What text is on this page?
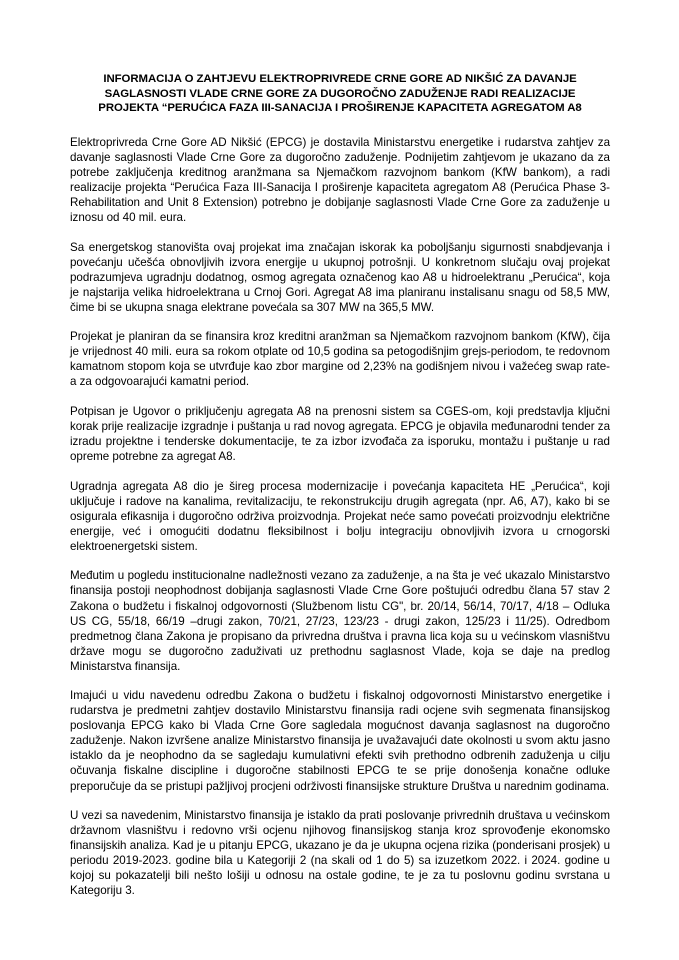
INFORMACIJA O ZAHTJEVU ELEKTROPRIVREDE CRNE GORE AD NIKŠIĆ ZA DAVANJE SAGLASNOSTI VLADE CRNE GORE ZA DUGOROČNO ZADUŽENJE RADI REALIZACIJE PROJEKTA “PERUĆICA FAZA III-SANACIJA I PROŠIRENJE KAPACITETA AGREGATOM A8

Elektroprivreda Crne Gore AD Nikšić (EPCG) je dostavila Ministarstvu energetike i rudarstva zahtjev za davanje saglasnosti Vlade Crne Gore za dugoročno zaduženje. Podnijetim zahtjevom je ukazano da za potrebe zaključenja kreditnog aranžmana sa Njemačkom razvojnom bankom (KfW bankom), a radi realizacije projekta “Perućica Faza III-Sanacija I proširenje kapaciteta agregatom A8 (Perućica Phase 3-Rehabilitation and Unit 8 Extension) potrebno je dobijanje saglasnosti Vlade Crne Gore za zaduženje u iznosu od 40 mil. eura.

Sa energetskog stanovišta ovaj projekat ima značajan iskorak ka poboljšanju sigurnosti snabdjevanja i povećanju učešća obnovljivih izvora energije u ukupnoj potrošnji. U konkretnom slučaju ovaj projekat podrazumjeva ugradnju dodatnog, osmog agregata označenog kao A8 u hidroelektranu „Perućica“, koja je najstarija velika hidroelektrana u Crnoj Gori. Agregat A8 ima planiranu instalisanu snagu od 58,5 MW, čime bi se ukupna snaga elektrane povećala sa 307 MW na 365,5 MW.

Projekat je planiran da se finansira kroz kreditni aranžman sa Njemačkom razvojnom bankom (KfW), čija je vrijednost 40 mili. eura sa rokom otplate od 10,5 godina sa petogodišnjim grejs-periodom, te redovnom kamatnom stopom koja se utvrđuje kao zbor margine od 2,23% na godišnjem nivou i važećeg swap rate-a za odgovoarajući kamatni period.

Potpisan je Ugovor o priključenju agregata A8 na prenosni sistem sa CGES-om, koji predstavlja ključni korak prije realizacije izgradnje i puštanja u rad novog agregata. EPCG je objavila međunarodni tender za izradu projektne i tenderske dokumentacije, te za izbor izvođača za isporuku, montažu i puštanje u rad opreme potrebne za agregat A8.

Ugradnja agregata A8 dio je šireg procesa modernizacije i povećanja kapaciteta HE „Perućica“, koji uključuje i radove na kanalima, revitalizaciju, te rekonstrukciju drugih agregata (npr. A6, A7), kako bi se osigurala efikasnija i dugoročno održiva proizvodnja. Projekat neće samo povećati proizvodnju električne energije, već i omogućiti dodatnu fleksibilnost i bolju integraciju obnovljivih izvora u crnogorski elektroenergetski sistem.

Međutim u pogledu institucionalne nadležnosti vezano za zaduženje, a na šta je već ukazalo Ministarstvo finansija postoji neophodnost dobijanja saglasnosti Vlade Crne Gore poštujući odredbu člana 57 stav 2 Zakona o budžetu i fiskalnoj odgovornosti (Službenom listu CG", br. 20/14, 56/14, 70/17, 4/18 – Odluka US CG, 55/18, 66/19 –drugi zakon, 70/21, 27/23, 123/23 - drugi zakon, 125/23 i 11/25). Odredbom predmetnog člana Zakona je propisano da privredna društva i pravna lica koja su u većinskom vlasništvu države mogu se dugoročno zaduživati uz prethodnu saglasnost Vlade, koja se daje na predlog Ministarstva finansija.

Imajući u vidu navedenu odredbu Zakona o budžetu i fiskalnoj odgovornosti Ministarstvo energetike i rudarstva je predmetni zahtjev dostavilo Ministarstvu finansija radi ocjene svih segmenata finansijskog poslovanja EPCG kako bi Vlada Crne Gore sagledala mogućnost davanja saglasnost na dugoročno zaduženje. Nakon izvršene analize Ministarstvo finansija je uvažavajući date okolnosti u svom aktu jasno istaklo da je neophodno da se sagledaju kumulativni efekti svih prethodno odbrenih zaduženja u cilju očuvanja fiskalne discipline i dugoročne stabilnosti EPCG te se prije donošenja konačne odluke preporučuje da se pristupi pažljivoj procjeni održivosti finansijske strukture Društva u narednim godinama.

U vezi sa navedenim, Ministarstvo finansija je istaklo da prati poslovanje privrednih društava u većinskom državnom vlasništvu i redovno vrši ocjenu njihovog finansijskog stanja kroz sprovođenje ekonomsko finansijskih analiza. Kad je u pitanju EPCG, ukazano je da je ukupna ocjena rizika (ponderisani prosjek) u periodu 2019-2023. godine bila u Kategoriji 2 (na skali od 1 do 5) sa izuzetkom 2022. i 2024. godine u kojoj su pokazatelji bili nešto lošiji u odnosu na ostale godine, te je za tu poslovnu godinu svrstana u Kategoriju 3.
